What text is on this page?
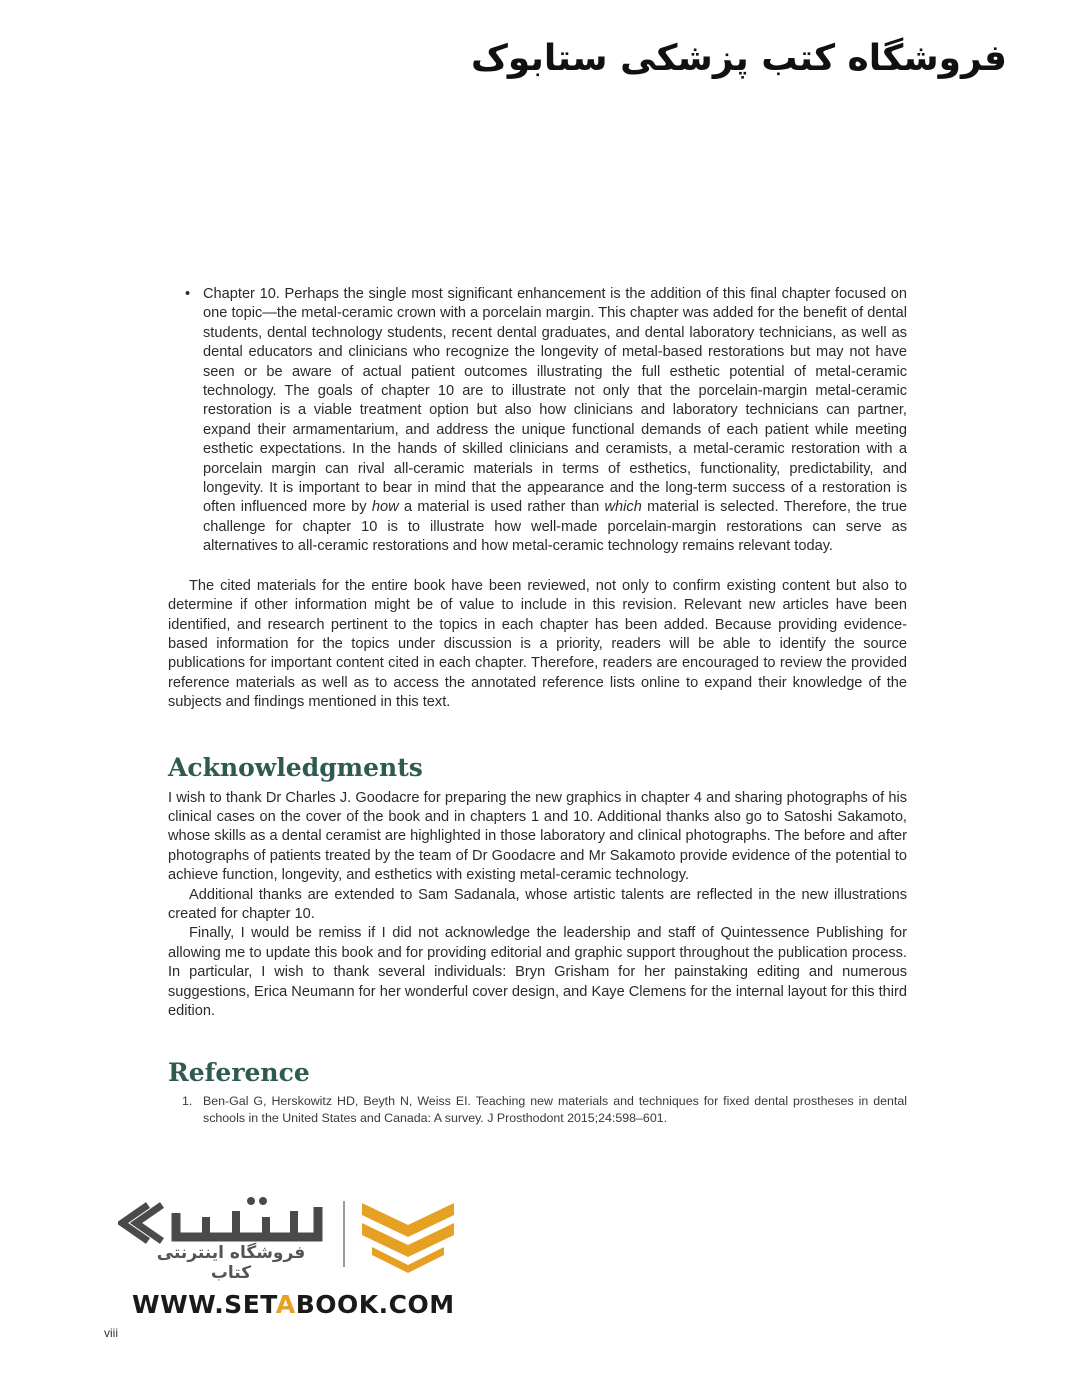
فروشگاه کتب پزشکی ستابوک
• Chapter 10. Perhaps the single most significant enhancement is the addition of this final chapter focused on one topic—the metal-ceramic crown with a porcelain margin. This chapter was added for the benefit of dental students, dental technology students, recent dental graduates, and dental laboratory technicians, as well as dental educators and clinicians who recognize the longevity of metal-based restorations but may not have seen or be aware of actual patient outcomes illustrating the full esthetic potential of metal-ceramic technology. The goals of chapter 10 are to illustrate not only that the porcelain-margin metal-ceramic restoration is a viable treatment option but also how clinicians and laboratory technicians can partner, expand their armamentarium, and address the unique functional demands of each patient while meeting esthetic expectations. In the hands of skilled clinicians and ceramists, a metal-ceramic restoration with a porcelain margin can rival all-ceramic materials in terms of esthetics, functionality, predictability, and longevity. It is important to bear in mind that the appearance and the long-term success of a restoration is often influenced more by how a material is used rather than which material is selected. Therefore, the true challenge for chapter 10 is to illustrate how well-made porcelain-margin restorations can serve as alternatives to all-ceramic restorations and how metal-ceramic technology remains relevant today.

The cited materials for the entire book have been reviewed, not only to confirm existing content but also to determine if other information might be of value to include in this revision. Relevant new articles have been identified, and research pertinent to the topics in each chapter has been added. Because providing evidence-based information for the topics under discussion is a priority, readers will be able to identify the source publications for important content cited in each chapter. Therefore, readers are encouraged to review the provided reference materials as well as to access the annotated reference lists online to expand their knowledge of the subjects and findings mentioned in this text.

Acknowledgments

I wish to thank Dr Charles J. Goodacre for preparing the new graphics in chapter 4 and sharing photographs of his clinical cases on the cover of the book and in chapters 1 and 10. Additional thanks also go to Satoshi Sakamoto, whose skills as a dental ceramist are highlighted in those laboratory and clinical photographs. The before and after photographs of patients treated by the team of Dr Goodacre and Mr Sakamoto provide evidence of the potential to achieve function, longevity, and esthetics with existing metal-ceramic technology.

Additional thanks are extended to Sam Sadanala, whose artistic talents are reflected in the new illustrations created for chapter 10.

Finally, I would be remiss if I did not acknowledge the leadership and staff of Quintessence Publishing for allowing me to update this book and for providing editorial and graphic support throughout the publication process. In particular, I wish to thank several individuals: Bryn Grisham for her painstaking editing and numerous suggestions, Erica Neumann for her wonderful cover design, and Kaye Clemens for the internal layout for this third edition.

Reference
1. Ben-Gal G, Herskowitz HD, Beyth N, Weiss EI. Teaching new materials and techniques for fixed dental prostheses in dental schools in the United States and Canada: A survey. J Prosthodont 2015;24:598–601.

فروشگاه اینترنتی کتاب
WWW.SETABOOK.COM
viii
